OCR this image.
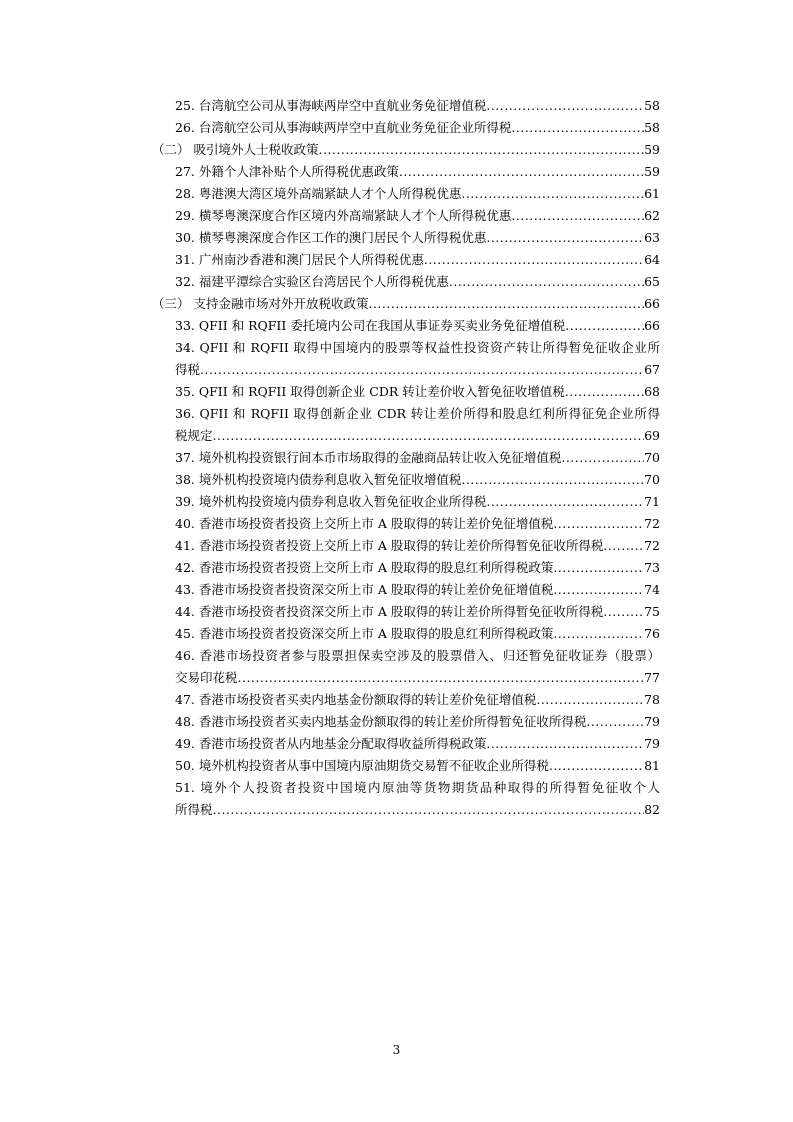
25. 台湾航空公司从事海峡两岸空中直航业务免征增值税 .....	58
26. 台湾航空公司从事海峡两岸空中直航业务免征企业所得税 .....	58
（二） 吸引境外人士税收政策 .....	59
27. 外籍个人津补贴个人所得税优惠政策 .....	59
28. 粤港澳大湾区境外高端紧缺人才个人所得税优惠 .....	61
29. 横琴粤澳深度合作区境内外高端紧缺人才个人所得税优惠 .....	62
30. 横琴粤澳深度合作区工作的澳门居民个人所得税优惠 .....	63
31. 广州南沙香港和澳门居民个人所得税优惠 .....	64
32. 福建平潭综合实验区台湾居民个人所得税优惠 .....	65
（三） 支持金融市场对外开放税收政策 .....	66
33. QFII 和 RQFII 委托境内公司在我国从事证券买卖业务免征增值税 .....	66
34. QFII 和 RQFII 取得中国境内的股票等权益性投资资产转让所得暂免征收企业所
得税 .....	67
35. QFII 和 RQFII 取得创新企业 CDR 转让差价收入暂免征收增值税 .....	68
36. QFII 和 RQFII 取得创新企业 CDR 转让差价所得和股息红利所得征免企业所得
税规定 .....	69
37. 境外机构投资银行间本币市场取得的金融商品转让收入免征增值税 .....	70
38. 境外机构投资境内债券利息收入暂免征收增值税 .....	70
39. 境外机构投资境内债券利息收入暂免征收企业所得税 .....	71
40. 香港市场投资者投资上交所上市 A 股取得的转让差价免征增值税 .....	72
41. 香港市场投资者投资上交所上市 A 股取得的转让差价所得暂免征收所得税 .....	72
42. 香港市场投资者投资上交所上市 A 股取得的股息红利所得税政策 .....	73
43. 香港市场投资者投资深交所上市 A 股取得的转让差价免征增值税 .....	74
44. 香港市场投资者投资深交所上市 A 股取得的转让差价所得暂免征收所得税 .....	75
45. 香港市场投资者投资深交所上市 A 股取得的股息红利所得税政策 .....	76
46. 香港市场投资者参与股票担保卖空涉及的股票借入、归还暂免征收证券（股票）
交易印花税 .....	77
47. 香港市场投资者买卖内地基金份额取得的转让差价免征增值税 .....	78
48. 香港市场投资者买卖内地基金份额取得的转让差价所得暂免征收所得税 .....	79
49. 香港市场投资者从内地基金分配取得收益所得税政策 .....	79
50. 境外机构投资者从事中国境内原油期货交易暂不征收企业所得税 .....	81
51. 境外个人投资者投资中国境内原油等货物期货品种取得的所得暂免征收个人
所得税 .....	82
3
